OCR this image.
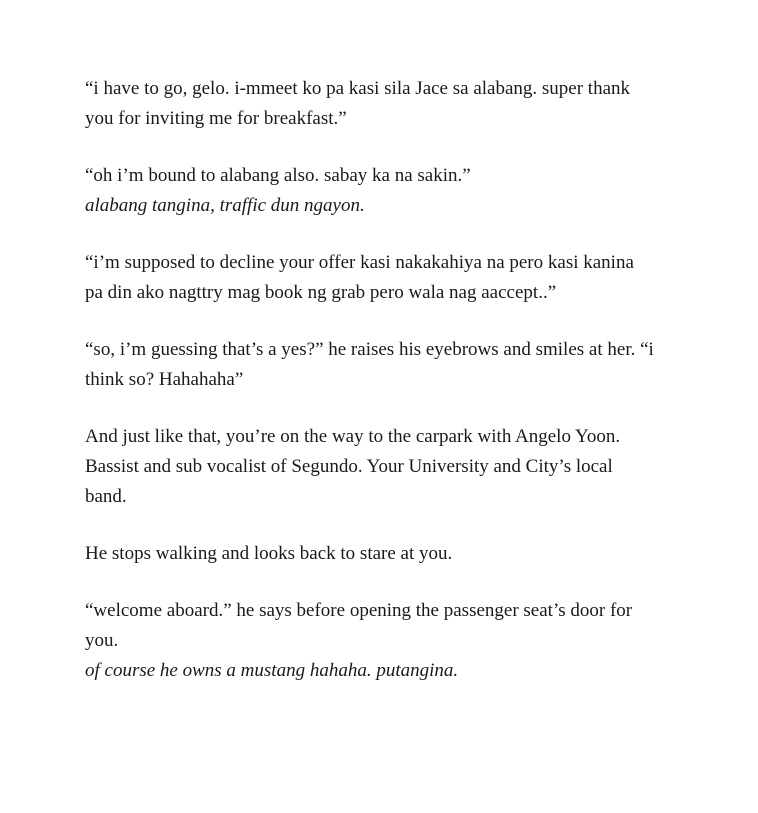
“i have to go, gelo. i-mmeet ko pa kasi sila Jace sa alabang. super thank
you for inviting me for breakfast.”

“oh i’m bound to alabang also. sabay ka na sakin.”
alabang tangina, traffic dun ngayon.

“i’m supposed to decline your offer kasi nakakahiya na pero kasi kanina
pa din ako nagttry mag book ng grab pero wala nag aaccept..”

“so, i’m guessing that’s a yes?” he raises his eyebrows and smiles at her. “i
think so? Hahahaha”

And just like that, you’re on the way to the carpark with Angelo Yoon.
Bassist and sub vocalist of Segundo. Your University and City’s local
band.

He stops walking and looks back to stare at you.

“welcome aboard.” he says before opening the passenger seat’s door for
you.
of course he owns a mustang hahaha. putangina.
